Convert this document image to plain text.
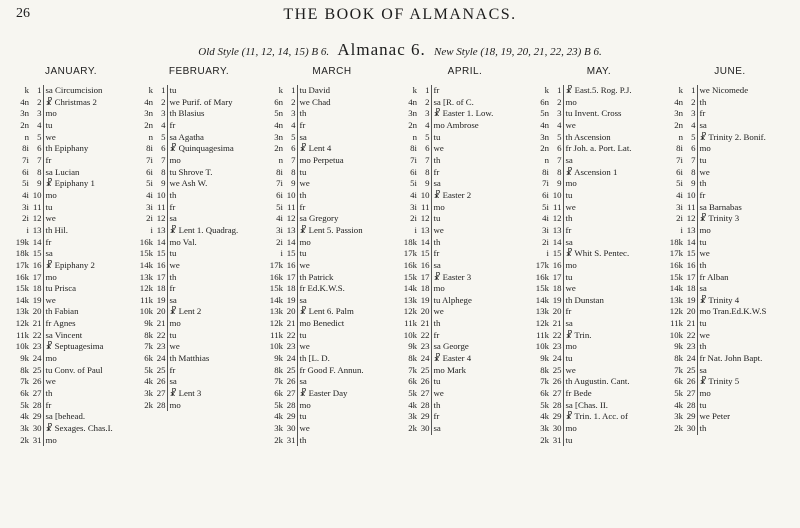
26	THE BOOK OF ALMANACS.
Old Style (11, 12, 14, 15) B 6. Almanac 6. New Style (18, 19, 20, 21, 22, 23) B 6.
JANUARY.
k	1	sa Circumcision
4n	2	☧ Christmas 2
3n	3	mo
2n	4	tu
n	5	we
8i	6	th Epiphany
7i	7	fr
6i	8	sa Lucian
5i	9	☧ Epiphany 1
4i	10	mo
3i	11	tu
2i	12	we
i	13	th Hil.
19k	14	fr
18k	15	sa
17k	16	☧ Epiphany 2
16k	17	mo
15k	18	tu Prisca
14k	19	we
13k	20	th Fabian
12k	21	fr Agnes
11k	22	sa Vincent
10k	23	☧ Septuagesima
9k	24	mo
8k	25	tu Conv. of Paul
7k	26	we
6k	27	th
5k	28	fr
4k	29	sa [behead.
3k	30	☧ Sexages. Chas.I.
2k	31	mo
FEBRUARY.
k	1	tu
4n	2	we Purif. of Mary
3n	3	th Blasius
2n	4	fr
n	5	sa Agatha
8i	6	☧ Quinquagesima
7i	7	mo
6i	8	tu Shrove T.
5i	9	we Ash W.
4i	10	th
3i	11	fr
2i	12	sa
i	13	☧ Lent 1. Quadrag.
16k	14	mo Val.
15k	15	tu
14k	16	we
13k	17	th
12k	18	fr
11k	19	sa
10k	20	☧ Lent 2
9k	21	mo
8k	22	tu
7k	23	we
6k	24	th Matthias
5k	25	fr
4k	26	sa
3k	27	☧ Lent 3
2k	28	mo
MARCH
k	1	tu David
6n	2	we Chad
5n	3	th
4n	4	fr
3n	5	sa
2n	6	☧ Lent 4
n	7	mo Perpetua
8i	8	tu
7i	9	we
6i	10	th
5i	11	fr
4i	12	sa Gregory
3i	13	☧ Lent 5. Passion
2i	14	mo
i	15	tu
17k	16	we
16k	17	th Patrick
15k	18	fr Ed.K.W.S.
14k	19	sa
13k	20	☧ Lent 6. Palm
12k	21	mo Benedict
11k	22	tu
10k	23	we
9k	24	th [L. D.
8k	25	fr Good F. Annun.
7k	26	sa
6k	27	☧ Easter Day
5k	28	mo
4k	29	tu
3k	30	we
2k	31	th
APRIL.
k	1	fr
4n	2	sa [R. of C.
3n	3	☧ Easter 1. Low.
2n	4	mo Ambrose
n	5	tu
8i	6	we
7i	7	th
6i	8	fr
5i	9	sa
4i	10	☧ Easter 2
3i	11	mo
2i	12	tu
i	13	we
18k	14	th
17k	15	fr
16k	16	sa
15k	17	☧ Easter 3
14k	18	mo
13k	19	tu Alphege
12k	20	we
11k	21	th
10k	22	fr
9k	23	sa George
8k	24	☧ Easter 4
7k	25	mo Mark
6k	26	tu
5k	27	we
4k	28	th
3k	29	fr
2k	30	sa
MAY.
k	1	☧ East.5. Rog. P.J.
6n	2	mo
5n	3	tu Invent. Cross
4n	4	we
3n	5	th Ascension
2n	6	fr Joh. a. Port. Lat.
n	7	sa
8i	8	☧ Ascension 1
7i	9	mo
6i	10	tu
5i	11	we
4i	12	th
3i	13	fr
2i	14	sa
i	15	☧ Whit S. Pentec.
17k	16	mo
16k	17	tu
15k	18	we
14k	19	th Dunstan
13k	20	fr
12k	21	sa
11k	22	☧ Trin.
10k	23	mo
9k	24	tu
8k	25	we
7k	26	th Augustin. Cant.
6k	27	fr Bede
5k	28	sa [Chas. II.
4k	29	☧ Trin. 1. Acc. of
3k	30	mo
2k	31	tu
JUNE.
k	1	we Nicomede
4n	2	th
3n	3	fr
2n	4	sa
n	5	☧ Trinity 2. Bonif.
8i	6	mo
7i	7	tu
6i	8	we
5i	9	th
4i	10	fr
3i	11	sa Barnabas
2i	12	☧ Trinity 3
i	13	mo
18k	14	tu
17k	15	we
16k	16	th
15k	17	fr Alban
14k	18	sa
13k	19	☧ Trinity 4
12k	20	mo Tran.Ed.K.W.S
11k	21	tu
10k	22	we
9k	23	th
8k	24	fr Nat. John Bapt.
7k	25	sa
6k	26	☧ Trinity 5
5k	27	mo
4k	28	tu
3k	29	we Peter
2k	30	th
